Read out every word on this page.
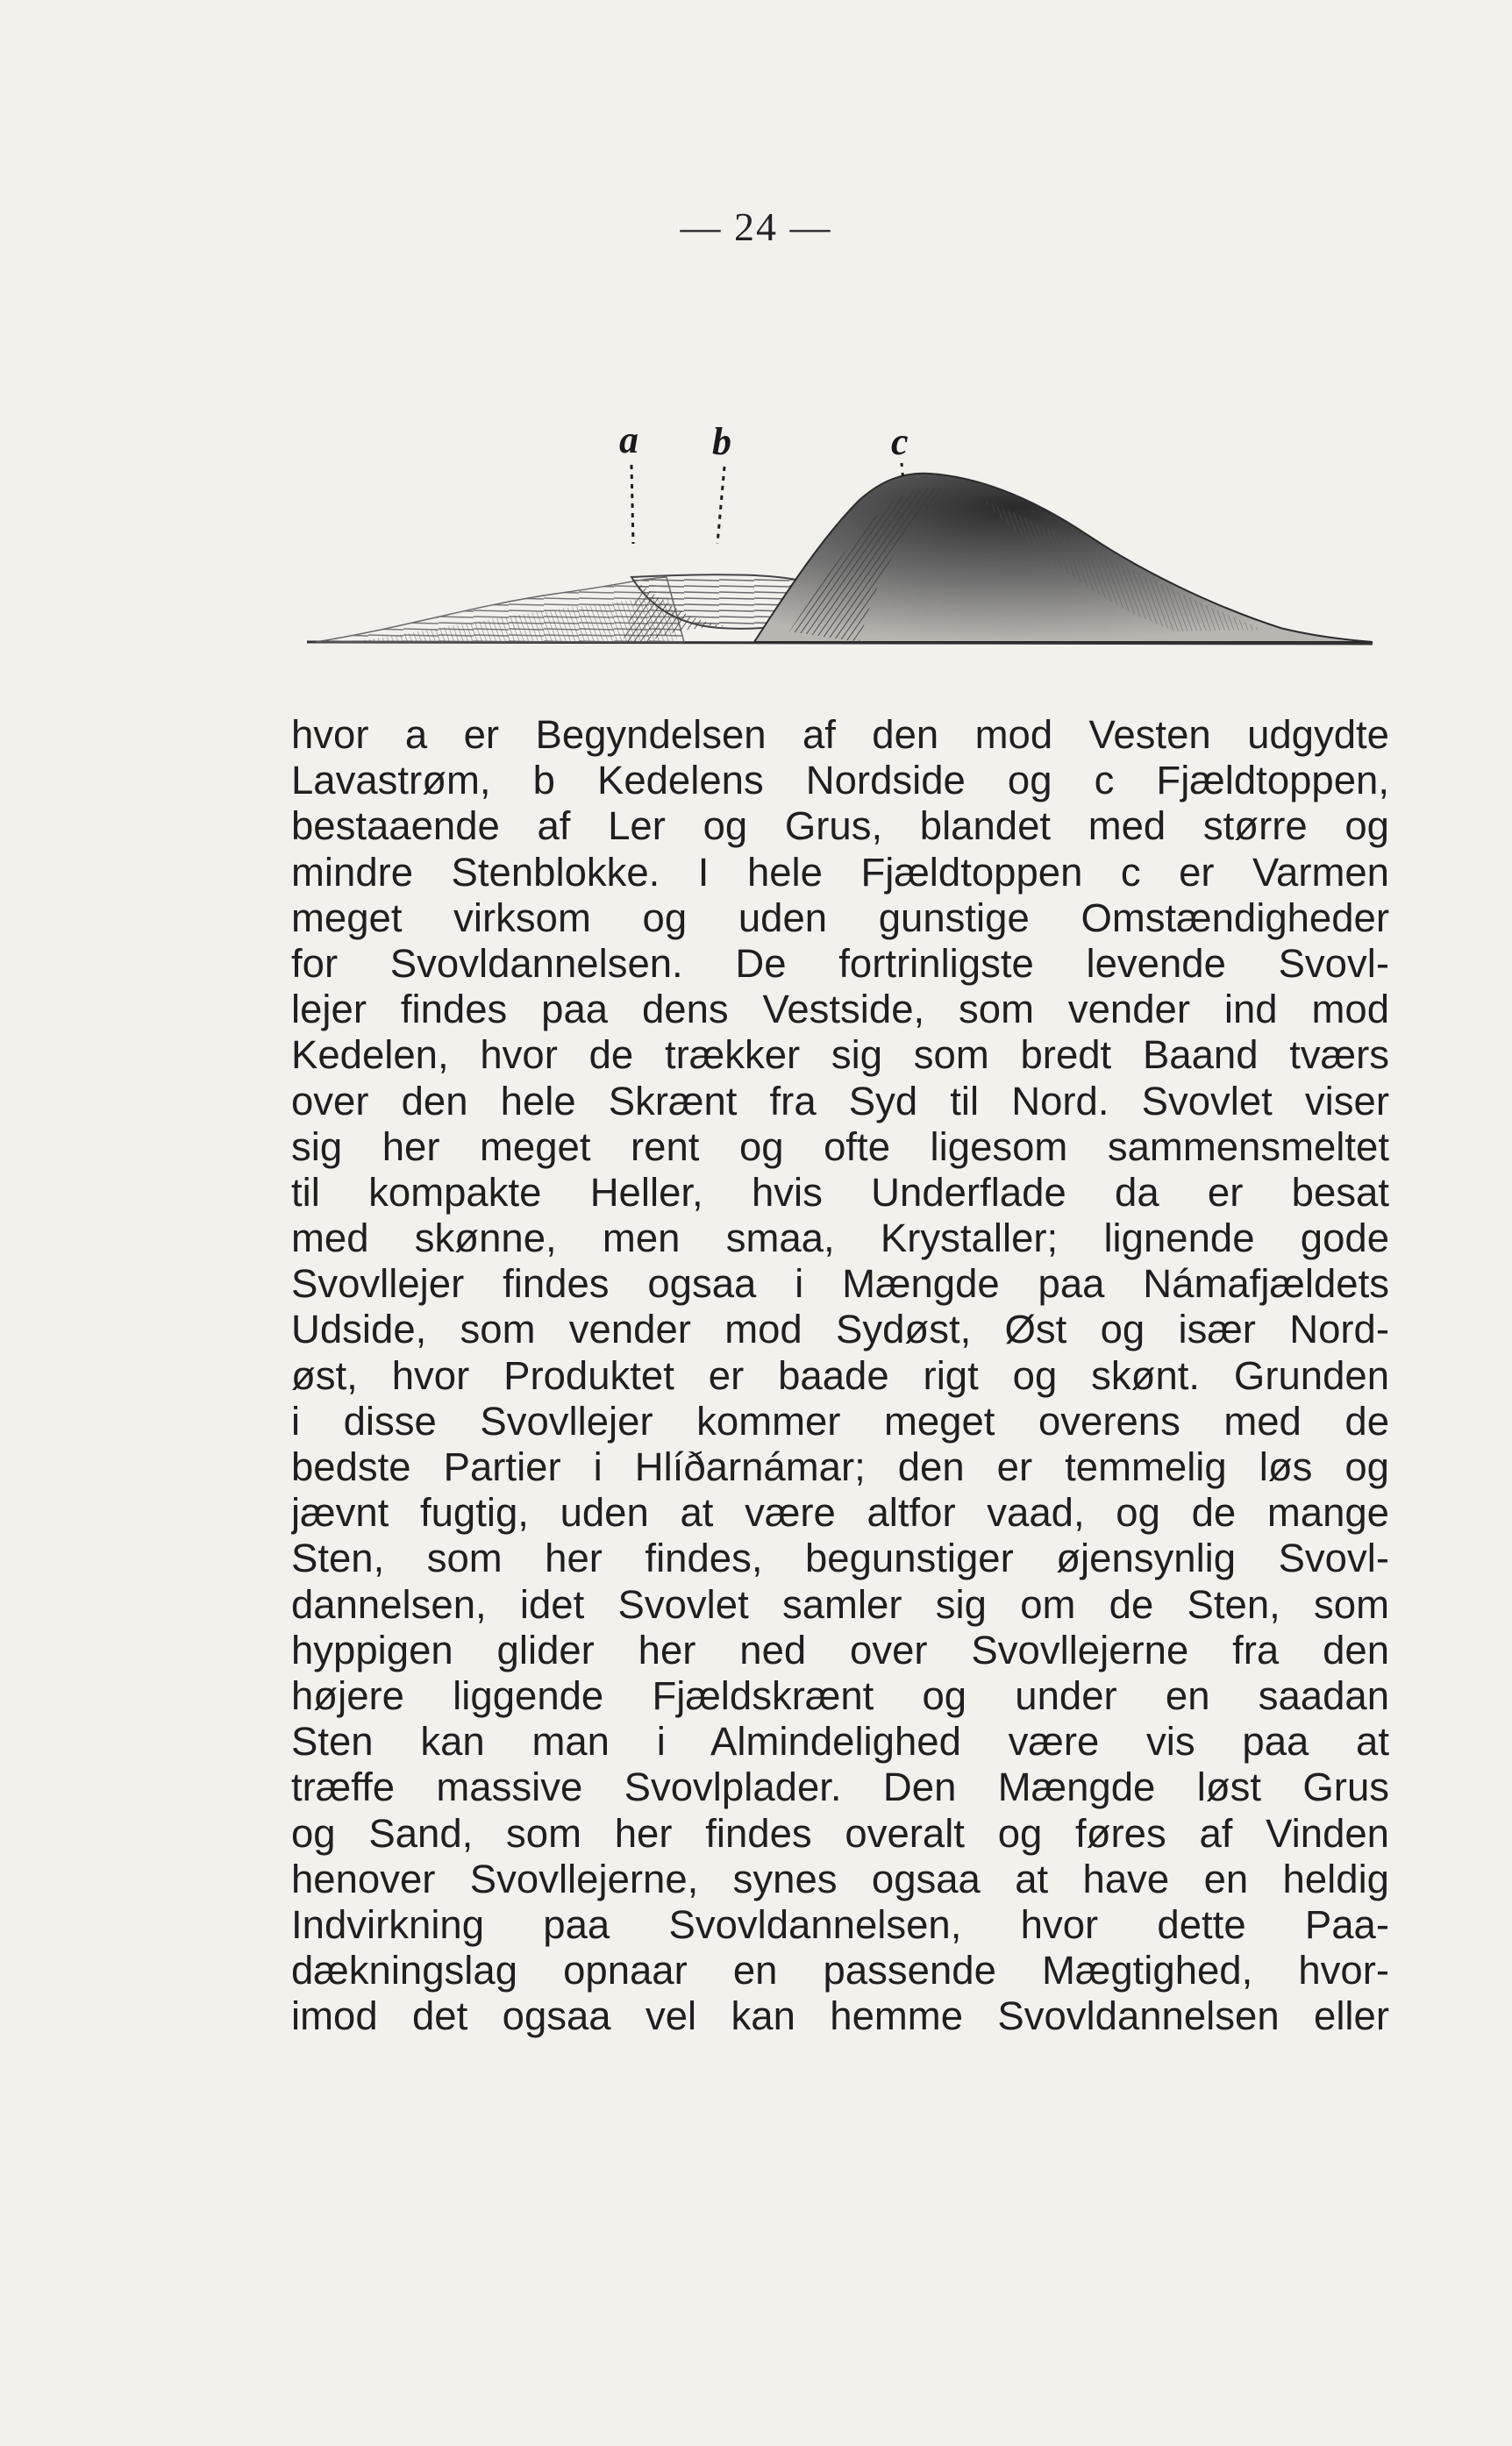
— 24 —
a b	c
hvor a er Begyndelsen af den mod Vesten udgydte
Lavastrøm, b Kedelens Nordside og c Fjældtoppen,
bestaaende af Ler og Grus, blandet med større og
mindre Stenblokke. I hele Fjældtoppen c er Varmen
meget virksom og uden gunstige Omstændigheder
for Svovldannelsen. De fortrinligste levende Svovl-
lejer findes paa dens Vestside, som vender ind mod
Kedelen, hvor de trækker sig som bredt Baand tværs
over den hele Skrænt fra Syd til Nord. Svovlet viser
sig her meget rent og ofte ligesom sammensmeltet
til kompakte Heller, hvis Underflade da er besat
med skønne, men smaa, Krystaller; lignende gode
Svovllejer findes ogsaa i Mængde paa Námafjældets
Udside, som vender mod Sydøst, Øst og især Nord-
øst, hvor Produktet er baade rigt og skønt. Grunden
i disse Svovllejer kommer meget overens med de
bedste Partier i Hlíðarnámar; den er temmelig løs og
jævnt fugtig, uden at være altfor vaad, og de mange
Sten, som her findes, begunstiger øjensynlig Svovl-
dannelsen, idet Svovlet samler sig om de Sten, som
hyppigen glider her ned over Svovllejerne fra den
højere liggende Fjældskrænt og under en saadan
Sten kan man i Almindelighed være vis paa at
træffe massive Svovlplader. Den Mængde løst Grus
og Sand, som her findes overalt og føres af Vinden
henover Svovllejerne, synes ogsaa at have en heldig
Indvirkning paa Svovldannelsen, hvor dette Paa-
dækningslag opnaar en passende Mægtighed, hvor-
imod det ogsaa vel kan hemme Svovldannelsen eller
